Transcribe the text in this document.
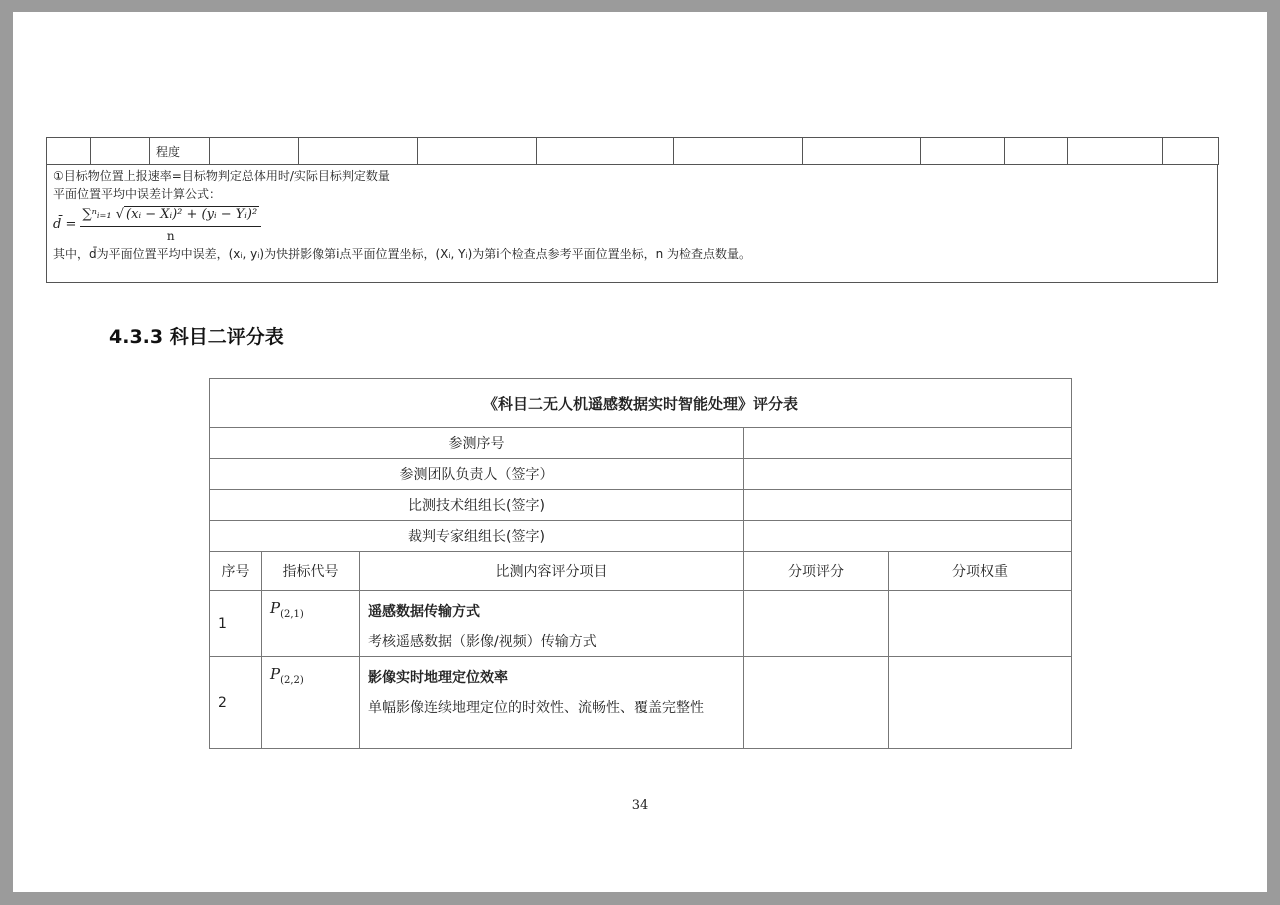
		程度										
①目标物位置上报速率=目标物判定总体用时/实际目标判定数量
平面位置平均中误差计算公式：
d̄ = $\frac{\text{∑ⁿᵢ₌₁ √ (xᵢ − Xᵢ)² + (yᵢ − Yᵢ)²}}{n}$
其中，d̄为平面位置平均中误差，(xᵢ, yᵢ)为快拼影像第i点平面位置坐标，(Xᵢ, Yᵢ)为第i个检查点参考平面位置坐标，n 为检查点数量。
4.3.3 科目二评分表
《科目二无人机遥感数据实时智能处理》评分表				
参测序号				
参测团队负责人（签字）				
比测技术组组长(签字)				
裁判专家组组长(签字)				
序号	指标代号	比测内容评分项目	分项评分	分项权重
1	$P_{(2,1)}$	遥感数据传输方式
考核遥感数据（影像/视频）传输方式		

2	$P_{(2,2)}$	影像实时地理定位效率
单幅影像连续地理定位的时效性、流畅性、覆盖完整性		

34
